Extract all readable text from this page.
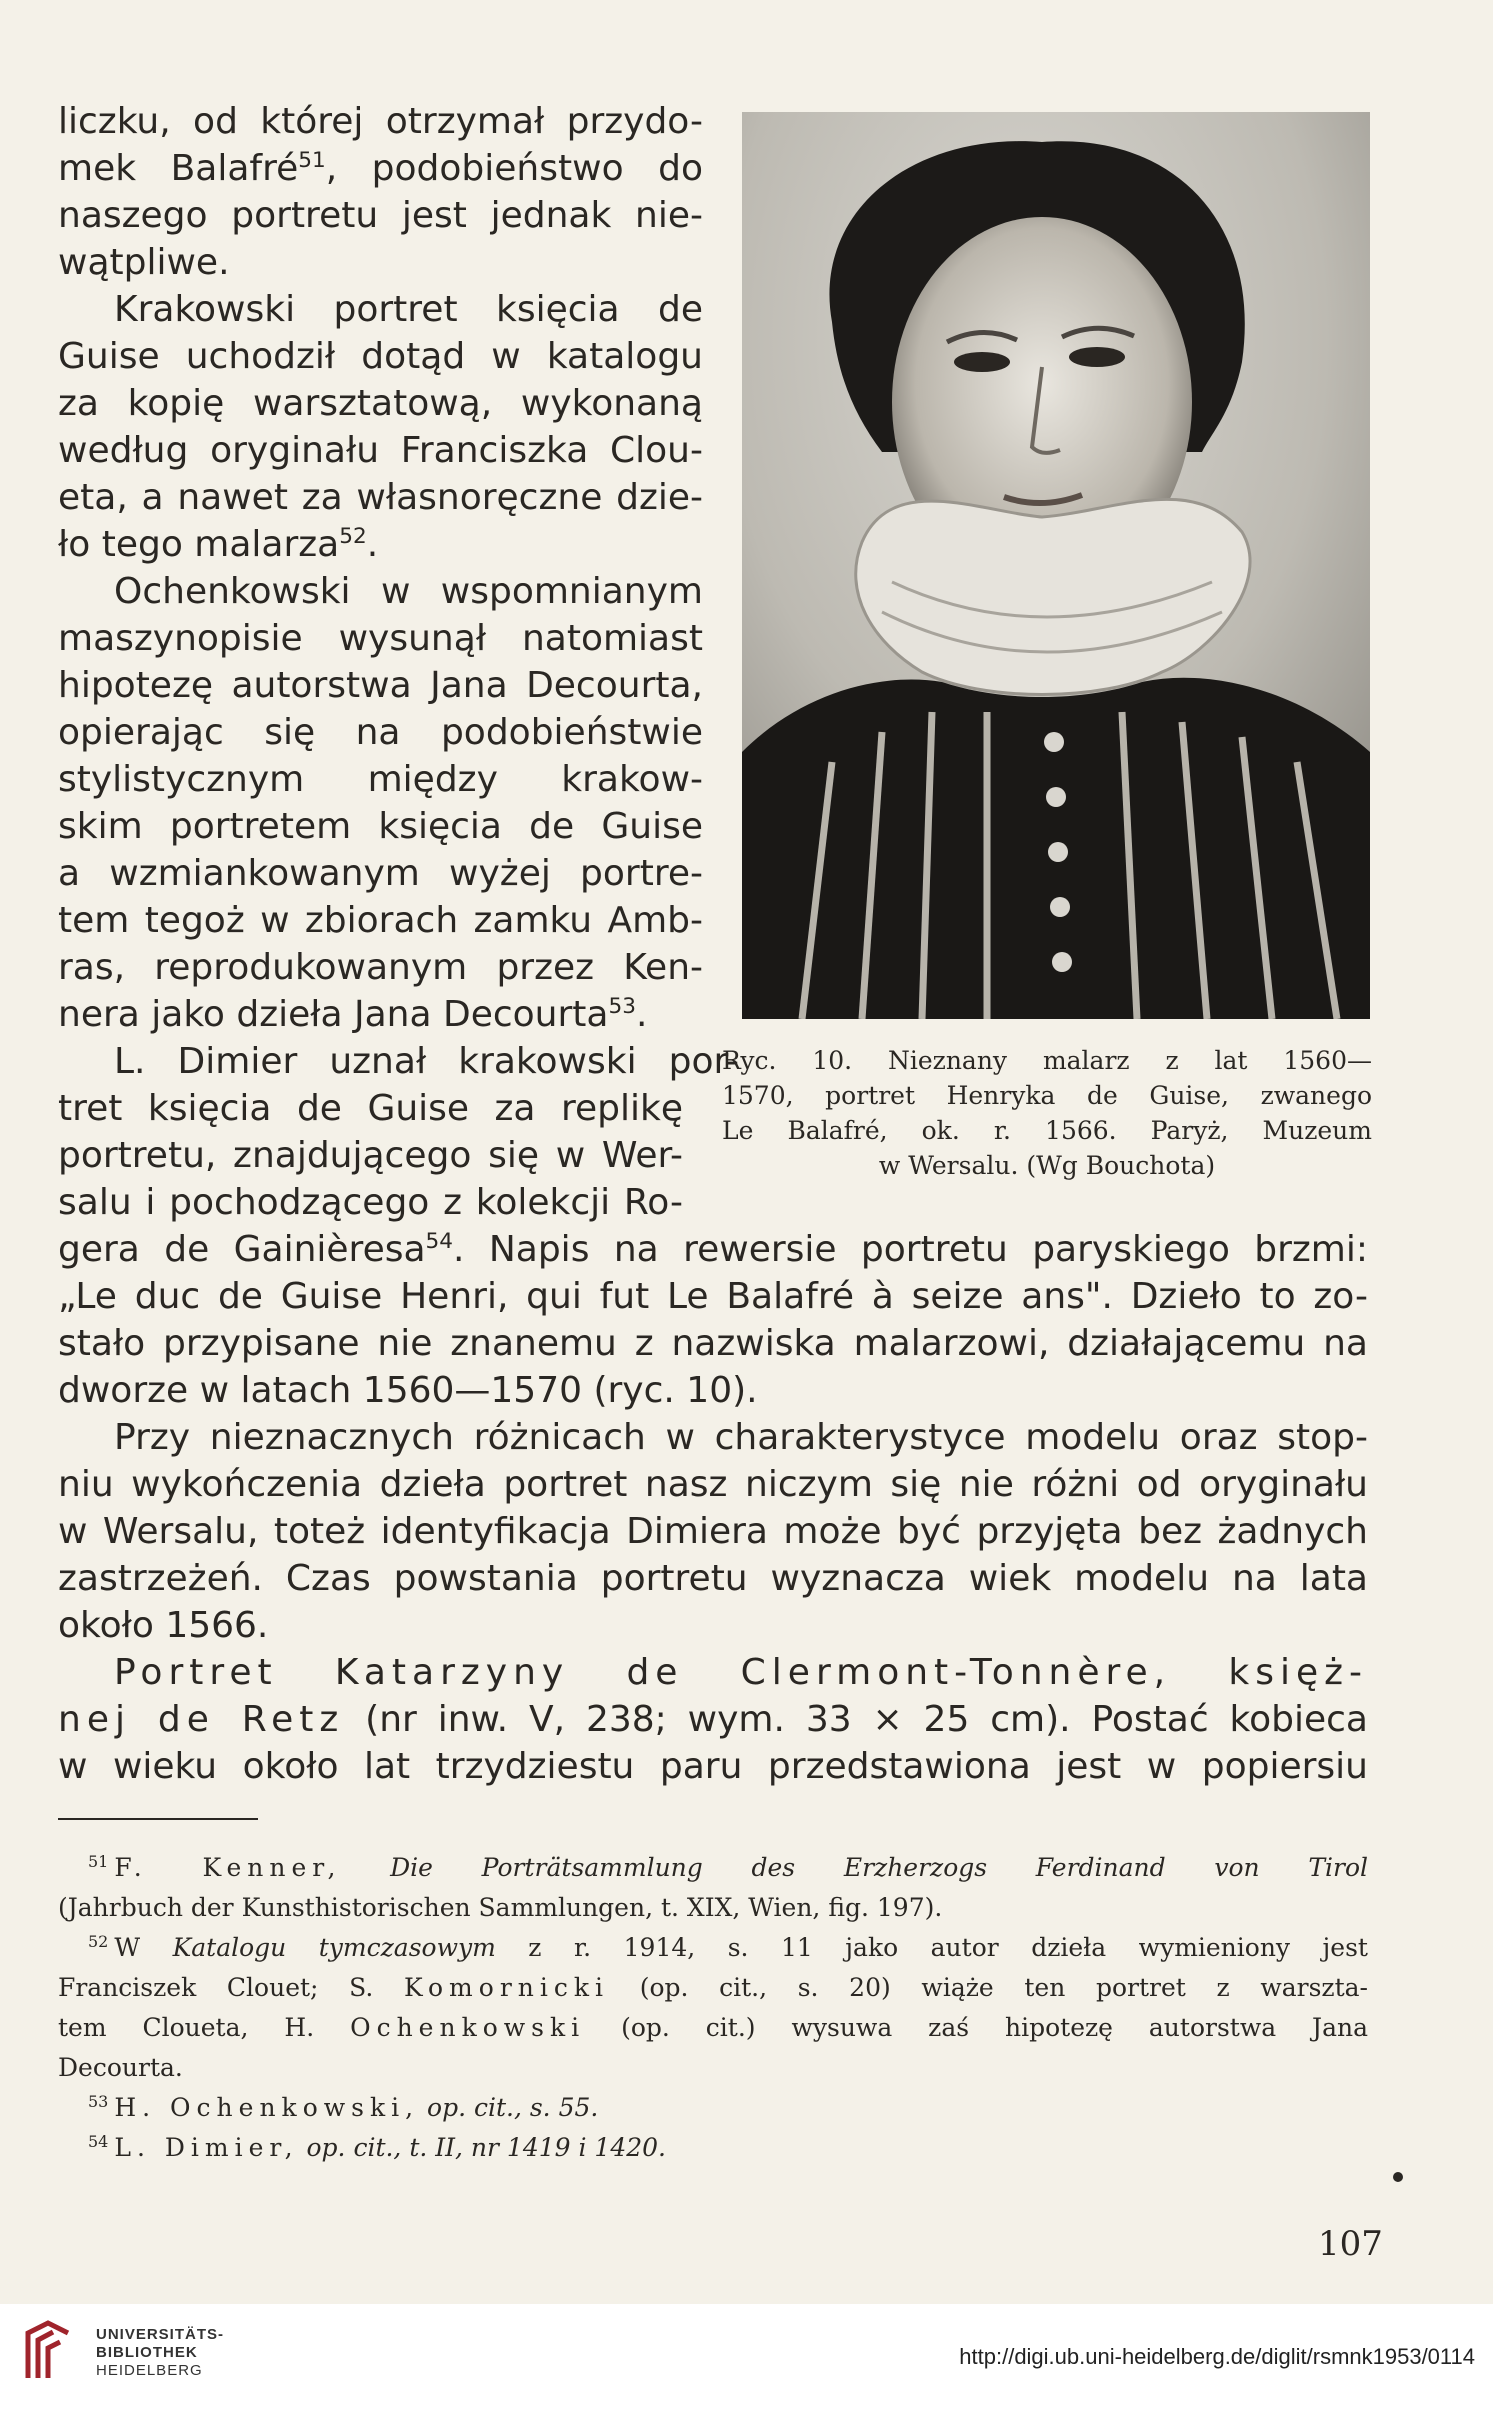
liczku, od której otrzymał przydo-
mek Balafré$^{51}$, podobieństwo do
naszego portretu jest jednak nie-
wątpliwe.
Krakowski portret księcia de
Guise uchodził dotąd w katalogu
za kopię warsztatową, wykonaną
według oryginału Franciszka Clou-
eta, a nawet za własnoręczne dzie-
ło tego malarza$^{52}$.
Ochenkowski w wspomnianym
maszynopisie wysunął natomiast
hipotezę autorstwa Jana Decourta,
opierając się na podobieństwie
stylistycznym między krakow-
skim portretem księcia de Guise
a wzmiankowanym wyżej portre-
tem tegoż w zbiorach zamku Amb-
ras, reprodukowanym przez Ken-
nera jako dzieła Jana Decourta$^{53}$.
L. Dimier uznał krakowski por-
tret księcia de Guise za replikę
portretu, znajdującego się w Wer-
salu i pochodzącego z kolekcji Ro-
Ryc. 10. Nieznany malarz z lat 1560—
1570, portret Henryka de Guise, zwanego
Le Balafré, ok. r. 1566. Paryż, Muzeum
w Wersalu. (Wg Bouchota)
gera de Gainièresa$^{54}$. Napis na rewersie portretu paryskiego brzmi:
„Le duc de Guise Henri, qui fut Le Balafré à seize ans". Dzieło to zo-
stało przypisane nie znanemu z nazwiska malarzowi, działającemu na
dworze w latach 1560—1570 (ryc. 10).
Przy nieznacznych różnicach w charakterystyce modelu oraz stop-
niu wykończenia dzieła portret nasz niczym się nie różni od oryginału
w Wersalu, toteż identyfikacja Dimiera może być przyjęta bez żadnych
zastrzeżeń. Czas powstania portretu wyznacza wiek modelu na lata
około 1566.
Portret Katarzyny de Clermont-Tonnère, księż-
nej de Retz (nr inw. V, 238; wym. 33 × 25 cm). Postać kobieca
w wieku około lat trzydziestu paru przedstawiona jest w popiersiu
$^{51}$ F. Kenner, Die Porträtsammlung des Erzherzogs Ferdinand von Tirol
(Jahrbuch der Kunsthistorischen Sammlungen, t. XIX, Wien, fig. 197).
$^{52}$ W Katalogu tymczasowym z r. 1914, s. 11 jako autor dzieła wymieniony jest
Franciszek Clouet; S. Komornicki (op. cit., s. 20) wiąże ten portret z warszta-
tem Cloueta, H. Ochenkowski (op. cit.) wysuwa zaś hipotezę autorstwa Jana
Decourta.
$^{53}$ H. Ochenkowski, op. cit., s. 55.
$^{54}$ L. Dimier, op. cit., t. II, nr 1419 i 1420.
107
UNIVERSITÄTS-
BIBLIOTHEK
HEIDELBERG
http://digi.ub.uni-heidelberg.de/diglit/rsmnk1953/0114
